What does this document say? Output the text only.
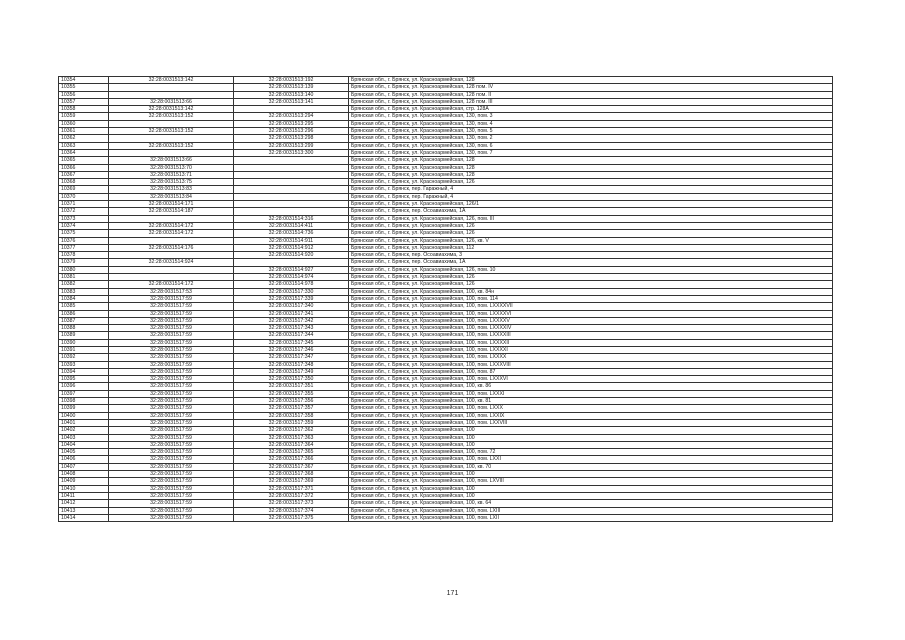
10354	32:28:0031513:142	32:28:0031513:192	Брянская обл., г. Брянск, ул. Красноармейская, 128
10355		32:28:0031513:139	Брянская обл., г. Брянск, ул. Красноармейская, 128 пом. IV
10356		32:28:0031513:140	Брянская обл., г. Брянск, ул. Красноармейская, 128 пом. II
10357	32:28:0031513:66	32:28:0031513:141	Брянская обл., г. Брянск, ул. Красноармейская, 128 пом. III
10358	32:28:0031513:142		Брянская обл., г. Брянск, ул. Красноармейская, стр. 128А
10359	32:28:0031513:152	32:28:0031513:294	Брянская обл., г. Брянск, ул. Красноармейская, 130, пом. 3
10360		32:28:0031513:295	Брянская обл., г. Брянск, ул. Красноармейская, 130, пом. 4
10361	32:28:0031513:152	32:28:0031513:296	Брянская обл., г. Брянск, ул. Красноармейская, 130, пом. 5
10362		32:28:0031513:298	Брянская обл., г. Брянск, ул. Красноармейская, 130, пом. 2
10363	32:28:0031513:152	32:28:0031513:299	Брянская обл., г. Брянск, ул. Красноармейская, 130, пом. 6
10364		32:28:0031513:300	Брянская обл., г. Брянск, ул. Красноармейская, 130, пом. 7
10365	32:28:0031513:66		Брянская обл., г. Брянск, ул. Красноармейская, 128
10366	32:28:0031513:70		Брянская обл., г. Брянск, ул. Красноармейская, 128
10367	32:28:0031513:71		Брянская обл., г. Брянск, ул. Красноармейская, 128
10368	32:28:0031513:75		Брянская обл., г. Брянск, ул. Красноармейская, 126
10369	32:28:0031513:83		Брянская обл., г. Брянск, пер. Гаражный, 4
10370	32:28:0031513:84		Брянская обл., г. Брянск, пер. Гаражный, 4
10371	32:28:0031514:171		Брянская обл., г. Брянск, ул. Красноармейская, 126/1
10372	32:28:0031514:187		Брянская обл., г. Брянск, пер. Осоавиахима, 1А
10373		32:28:0031514:316	Брянская обл., г. Брянск, ул. Красноармейская, 126, пом. III
10374	32:28:0031514:172	32:28:0031514:411	Брянская обл., г. Брянск, ул. Красноармейская, 126
10375	32:28:0031514:172	32:28:0031514:736	Брянская обл., г. Брянск, ул. Красноармейская, 126
10376		32:28:0031514:911	Брянская обл., г. Брянск, ул. Красноармейская, 126, кв. V
10377	32:28:0031514:176	32:28:0031514:912	Брянская обл., г. Брянск, ул. Красноармейская, 112
10378		32:28:0031514:920	Брянская обл., г. Брянск, пер. Осоавиахима, 3
10379	32:28:0031514:924		Брянская обл., г. Брянск, пер. Осоавиахима, 1А
10380		32:28:0031514:927	Брянская обл., г. Брянск, ул. Красноармейская, 126, пом. 10
10381		32:28:0031514:974	Брянская обл., г. Брянск, ул. Красноармейская, 126
10382	32:28:0031514:172	32:28:0031514:978	Брянская обл., г. Брянск, ул. Красноармейская, 126
10383	32:28:0031517:53	32:28:0031517:330	Брянская обл., г. Брянск, ул. Красноармейская, 100, кв. 84н
10384	32:28:0031517:59	32:28:0031517:339	Брянская обл., г. Брянск, ул. Красноармейская, 100, пом. 114
10385	32:28:0031517:59	32:28:0031517:340	Брянская обл., г. Брянск, ул. Красноармейская, 100, пом. LXXXXVII
10386	32:28:0031517:59	32:28:0031517:341	Брянская обл., г. Брянск, ул. Красноармейская, 100, пом. LXXXXVI
10387	32:28:0031517:59	32:28:0031517:342	Брянская обл., г. Брянск, ул. Красноармейская, 100, пом. LXXXXV
10388	32:28:0031517:59	32:28:0031517:343	Брянская обл., г. Брянск, ул. Красноармейская, 100, пом. LXXXXIV
10389	32:28:0031517:59	32:28:0031517:344	Брянская обл., г. Брянск, ул. Красноармейская, 100, пом. LXXXXIII
10390	32:28:0031517:59	32:28:0031517:345	Брянская обл., г. Брянск, ул. Красноармейская, 100, пом. LXXXXII
10391	32:28:0031517:59	32:28:0031517:346	Брянская обл., г. Брянск, ул. Красноармейская, 100, пом. LXXXXI
10392	32:28:0031517:59	32:28:0031517:347	Брянская обл., г. Брянск, ул. Красноармейская, 100, пом. LXXXX
10393	32:28:0031517:59	32:28:0031517:348	Брянская обл., г. Брянск, ул. Красноармейская, 100, пом. LXXXVIII
10394	32:28:0031517:59	32:28:0031517:349	Брянская обл., г. Брянск, ул. Красноармейская, 100, пом. 87
10395	32:28:0031517:59	32:28:0031517:350	Брянская обл., г. Брянск, ул. Красноармейская, 100, пом. LXXXVI
10396	32:28:0031517:59	32:28:0031517:351	Брянская обл., г. Брянск, ул. Красноармейская, 100, кв. 86
10397	32:28:0031517:59	32:28:0031517:355	Брянская обл., г. Брянск, ул. Красноармейская, 100, пом. LXXXI
10398	32:28:0031517:59	32:28:0031517:356	Брянская обл., г. Брянск, ул. Красноармейская, 100, кв. 81
10399	32:28:0031517:59	32:28:0031517:357	Брянская обл., г. Брянск, ул. Красноармейская, 100, пом. LXXX
10400	32:28:0031517:59	32:28:0031517:358	Брянская обл., г. Брянск, ул. Красноармейская, 100, пом. LXXIX
10401	32:28:0031517:59	32:28:0031517:359	Брянская обл., г. Брянск, ул. Красноармейская, 100, пом. LXXVIII
10402	32:28:0031517:59	32:28:0031517:362	Брянская обл., г. Брянск, ул. Красноармейская, 100
10403	32:28:0031517:59	32:28:0031517:363	Брянская обл., г. Брянск, ул. Красноармейская, 100
10404	32:28:0031517:59	32:28:0031517:364	Брянская обл., г. Брянск, ул. Красноармейская, 100
10405	32:28:0031517:59	32:28:0031517:365	Брянская обл., г. Брянск, ул. Красноармейская, 100, пом. 72
10406	32:28:0031517:59	32:28:0031517:366	Брянская обл., г. Брянск, ул. Красноармейская, 100, пом. LXXI
10407	32:28:0031517:59	32:28:0031517:367	Брянская обл., г. Брянск, ул. Красноармейская, 100, кв. 70
10408	32:28:0031517:59	32:28:0031517:368	Брянская обл., г. Брянск, ул. Красноармейская, 100
10409	32:28:0031517:59	32:28:0031517:369	Брянская обл., г. Брянск, ул. Красноармейская, 100, пом. LXVIII
10410	32:28:0031517:59	32:28:0031517:371	Брянская обл., г. Брянск, ул. Красноармейская, 100
10411	32:28:0031517:59	32:28:0031517:372	Брянская обл., г. Брянск, ул. Красноармейская, 100
10412	32:28:0031517:59	32:28:0031517:373	Брянская обл., г. Брянск, ул. Красноармейская, 100, кв. 64
10413	32:28:0031517:59	32:28:0031517:374	Брянская обл., г. Брянск, ул. Красноармейская, 100, пом. LXIII
10414	32:28:0031517:59	32:28:0031517:375	Брянская обл., г. Брянск, ул. Красноармейская, 100, пом. LXII
171
